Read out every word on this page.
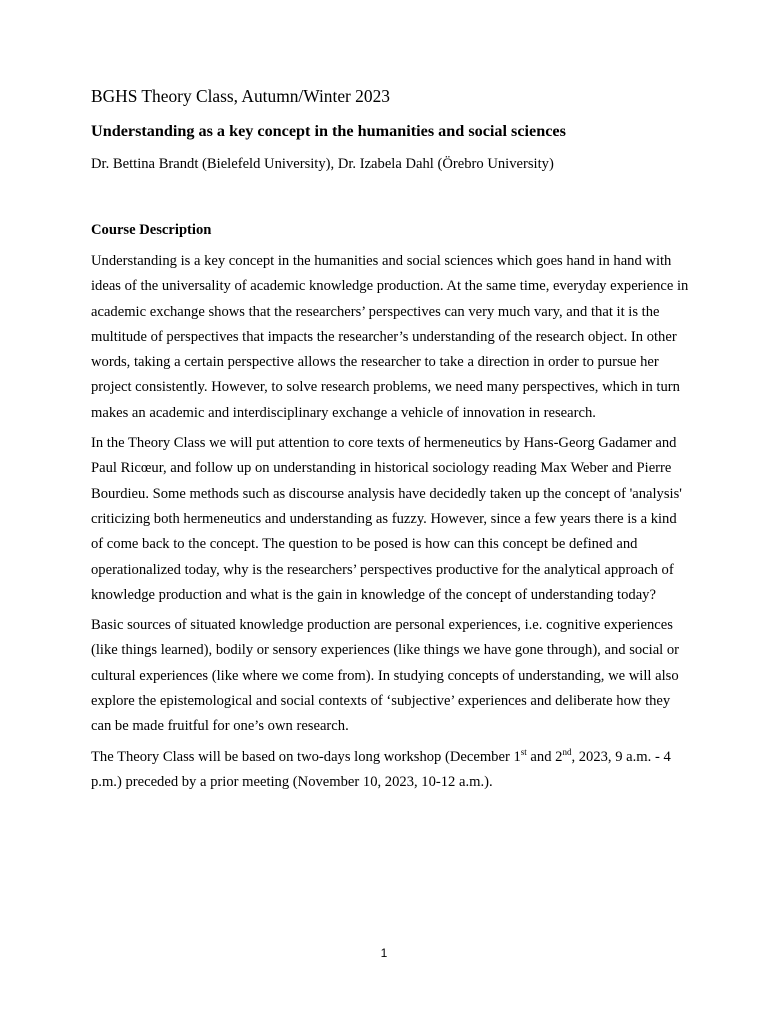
BGHS Theory Class, Autumn/Winter 2023
Understanding as a key concept in the humanities and social sciences
Dr. Bettina Brandt (Bielefeld University), Dr. Izabela Dahl (Örebro University)
Course Description

Understanding is a key concept in the humanities and social sciences which goes hand in hand with ideas of the universality of academic knowledge production. At the same time, everyday experience in academic exchange shows that the researchers’ perspectives can very much vary, and that it is the multitude of perspectives that impacts the researcher’s understanding of the research object. In other words, taking a certain perspective allows the researcher to take a direction in order to pursue her project consistently. However, to solve research problems, we need many perspectives, which in turn makes an academic and interdisciplinary exchange a vehicle of innovation in research.

In the Theory Class we will put attention to core texts of hermeneutics by Hans-Georg Gadamer and Paul Ricœur, and follow up on understanding in historical sociology reading Max Weber and Pierre Bourdieu. Some methods such as discourse analysis have decidedly taken up the concept of 'analysis' criticizing both hermeneutics and understanding as fuzzy. However, since a few years there is a kind of come back to the concept. The question to be posed is how can this concept be defined and operationalized today, why is the researchers’ perspectives productive for the analytical approach of knowledge production and what is the gain in knowledge of the concept of understanding today?

Basic sources of situated knowledge production are personal experiences, i.e. cognitive experiences (like things learned), bodily or sensory experiences (like things we have gone through), and social or cultural experiences (like where we come from). In studying concepts of understanding, we will also explore the epistemological and social contexts of ‘subjective’ experiences and deliberate how they can be made fruitful for one’s own research.

The Theory Class will be based on two-days long workshop (December 1st and 2nd, 2023, 9 a.m. - 4 p.m.) preceded by a prior meeting (November 10, 2023, 10-12 a.m.).

1
